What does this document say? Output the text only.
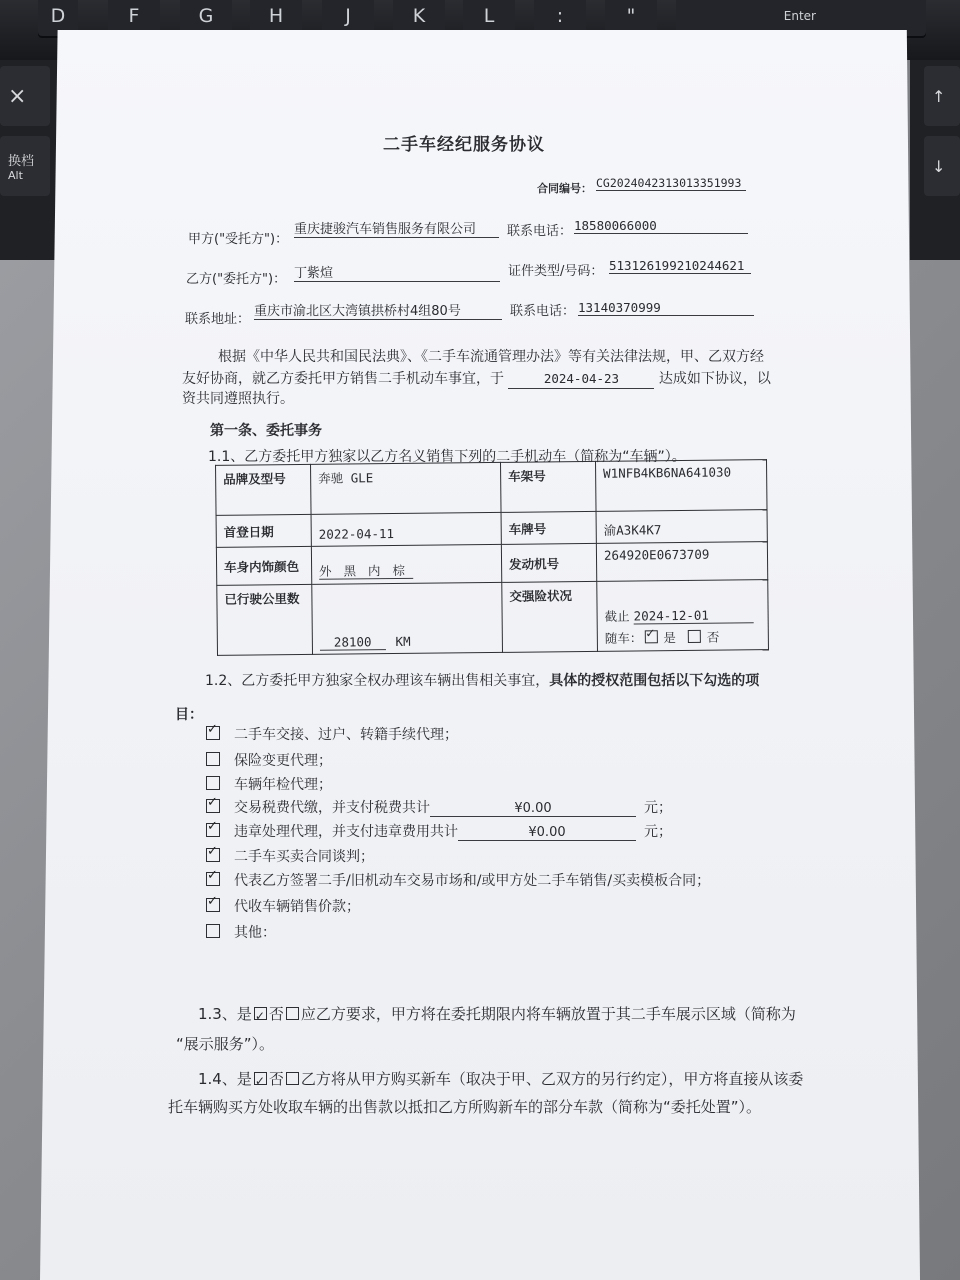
D	F	G	H	J	K	L	:	"	Enter
×
换档
Alt
↑
↓
二手车经纪服务协议
合同编号： CG2024042313013351993
甲方("受托方")：
重庆捷骏汽车销售服务有限公司	联系电话： 18580066000
乙方("委托方")： 丁紫煊	证件类型/号码： 513126199210244621
联系地址：
重庆市渝北区大湾镇拱桥村4组80号	联系电话： 13140370999
根据《中华人民共和国民法典》、《二手车流通管理办法》等有关法律法规，甲、乙双方经
友好协商，就乙方委托甲方销售二手机动车事宜，于	2024-04-23	达成如下协议，以
资共同遵照执行。
第一条、委托事务
1.1、乙方委托甲方独家以乙方名义销售下列的二手机动车（简称为“车辆”）。
品牌及型号	奔驰 GLE	车架号	W1NFB4KB6NA641030
首登日期	2022-04-11	车牌号	渝A3K4K7
车身内饰颜色	外 黑 内 棕	发动机号	264920E0673709
已行驶公里数	28100 KM	交强险状况	截止 2024-12-01
随车： ✓ 是 否
1.2、乙方委托甲方独家全权办理该车辆出售相关事宜，具体的授权范围包括以下勾选的项
目：
✓二手车交接、过户、转籍手续代理；
保险变更代理；
车辆年检代理；
✓交易税费代缴，并支付税费共计	¥0.00	元；
✓违章处理代理，并支付违章费用共计	¥0.00	元；
✓二手车买卖合同谈判；
✓代表乙方签署二手/旧机动车交易市场和/或甲方处二手车销售/买卖模板合同；
✓代收车辆销售价款；
其他：
1.3、是 ✓ 否 应乙方要求，甲方将在委托期限内将车辆放置于其二手车展示区域（简称为
“展示服务”）。
1.4、是 ✓ 否 乙方将从甲方购买新车（取决于甲、乙双方的另行约定），甲方将直接从该委
托车辆购买方处收取车辆的出售款以抵扣乙方所购新车的部分车款（简称为“委托处置”）。
